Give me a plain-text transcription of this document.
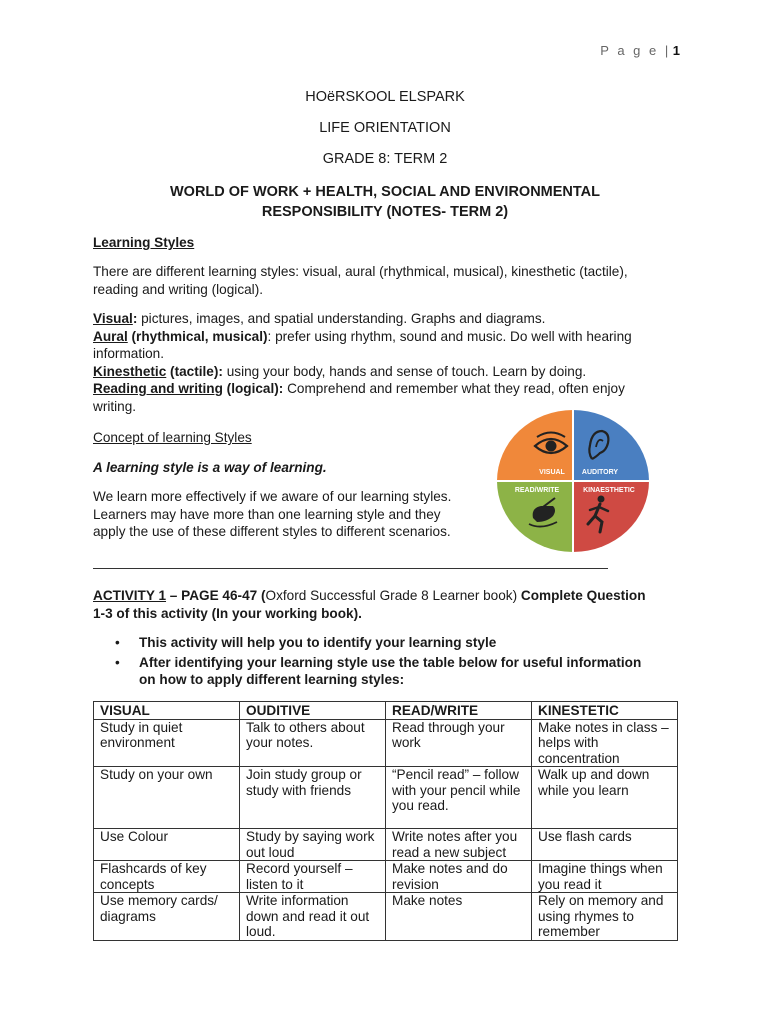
P a g e | 1
HOëRSKOOL ELSPARK
LIFE ORIENTATION
GRADE 8: TERM 2
WORLD OF WORK + HEALTH, SOCIAL AND ENVIRONMENTAL
RESPONSIBILITY (NOTES- TERM 2)
Learning Styles
There are different learning styles: visual, aural (rhythmical, musical), kinesthetic (tactile),
reading and writing (logical).
Visual: pictures, images, and spatial understanding. Graphs and diagrams.
Aural (rhythmical, musical): prefer using rhythm, sound and music. Do well with hearing
information.
Kinesthetic (tactile): using your body, hands and sense of touch. Learn by doing.
Reading and writing (logical): Comprehend and remember what they read, often enjoy
writing.
Concept of learning Styles
A learning style is a way of learning.
We learn more effectively if we aware of our learning styles.
Learners may have more than one learning style and they
apply the use of these different styles to different scenarios.
VISUAL AUDITORY
READ/WRITE	KINAESTHETIC
ACTIVITY 1 – PAGE 46-47 (Oxford Successful Grade 8 Learner book) Complete Question
1-3 of this activity (In your working book).
• This activity will help you to identify your learning style
• After identifying your learning style use the table below for useful information
on how to apply different learning styles:
VISUAL	OUDITIVE	READ/WRITE	KINESTETIC
Study in quiet environment	Talk to others about your notes.	Read through your work	Make notes in class – helps with concentration
Study on your own	Join study group or study with friends	“Pencil read” – follow with your pencil while you read.	Walk up and down while you learn
Use Colour	Study by saying work out loud	Write notes after you read a new subject	Use flash cards
Flashcards of key concepts	Record yourself – listen to it	Make notes and do revision	Imagine things when you read it
Use memory cards/ diagrams	Write information down and read it out loud.	Make notes	Rely on memory and using rhymes to remember
